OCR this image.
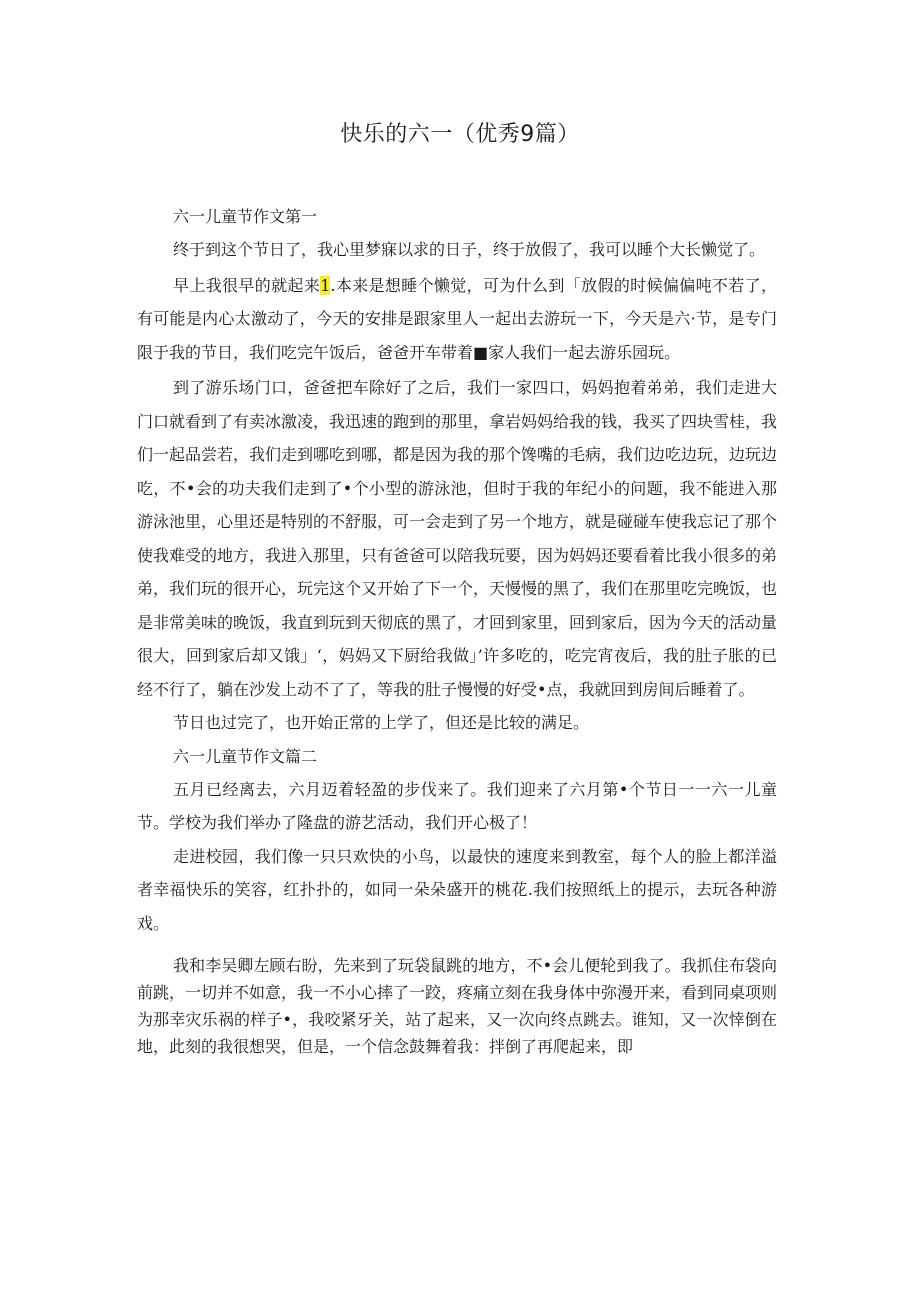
快乐的六一（优秀9篇）
六一儿童节作文第一

终于到这个节日了，我心里梦寐以求的日子，终于放假了，我可以睡个大长懒觉了。

早上我很早的就起来1.本来是想睡个懒觉，可为什么到「放假的时候偏偏吨不若了，有可能是内心太激动了，今天的安排是跟家里人一起出去游玩一下，今天是六·节，是专门限于我的节日，我们吃完午饭后，爸爸开车带着■家人我们一起去游乐园玩。

到了游乐场门口，爸爸把车除好了之后，我们一家四口，妈妈抱着弟弟，我们走进大门口就看到了有卖冰激凌，我迅速的跑到的那里，拿岩妈妈给我的钱，我买了四块雪桂，我们一起品尝若，我们走到哪吃到哪，都是因为我的那个馋嘴的毛病，我们边吃边玩，边玩边吃，不•会的功夫我们走到了•个小型的游泳池，但时于我的年纪小的问题，我不能进入那游泳池里，心里还是特别的不舒服，可一会走到了另一个地方，就是碰碰车使我忘记了那个使我难受的地方，我进入那里，只有爸爸可以陪我玩要，因为妈妈还要看着比我小很多的弟弟，我们玩的很开心，玩完这个又开始了下一个，天慢慢的黑了，我们在那里吃完晚饭，也是非常美味的晚饭，我直到玩到天彻底的黑了，才回到家里，回到家后，因为今天的活动量很大，回到家后却又饿」‘，妈妈又下厨给我做」’许多吃的，吃完宵夜后，我的肚子胀的已经不行了，躺在沙发上动不了了，等我的肚子慢慢的好受•点，我就回到房间后睡着了。

节日也过完了，也开始正常的上学了，但还是比较的满足。

六一儿童节作文篇二

五月已经离去，六月迈着轻盈的步伐来了。我们迎来了六月第•个节日一一六一儿童节。学校为我们举办了隆盘的游艺活动，我们开心极了！

走进校园，我们像一只只欢快的小鸟，以最快的速度来到教室，每个人的脸上都洋溢者幸福快乐的笑容，红扑扑的，如同一朵朵盛开的桃花.我们按照纸上的提示，去玩各种游戏。

我和李吴卿左顾右盼，先来到了玩袋鼠跳的地方，不•会儿便轮到我了。我抓住布袋向前跳，一切并不如意，我一不小心摔了一跤，疼痛立刻在我身体中弥漫开来，看到同桌项则为那幸灾乐祸的样子•，我咬紧牙关，站了起来，又一次向终点跳去。谁知，又一次悻倒在地，此刻的我很想哭，但是，一个信念鼓舞着我：拌倒了再爬起来，即
